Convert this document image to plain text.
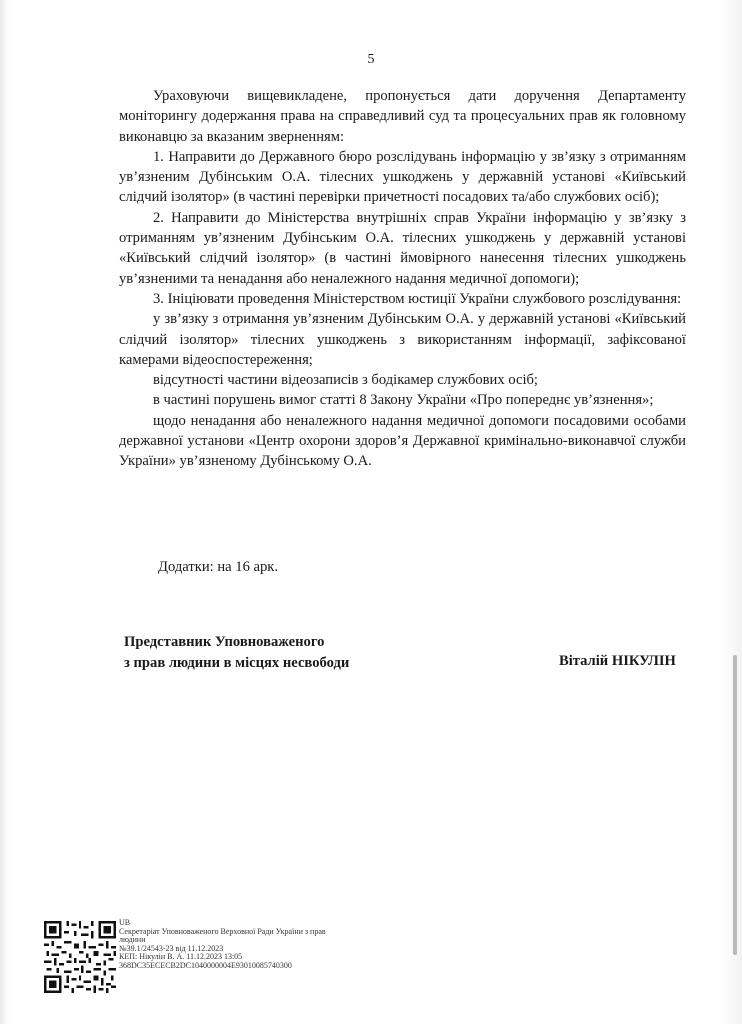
5

Ураховуючи вищевикладене, пропонується дати доручення Департаменту моніторингу додержання права на справедливий суд та процесуальних прав як головному виконавцю за вказаним зверненням:

1. Направити до Державного бюро розслідувань інформацію у зв’язку з отриманням ув’язненим Дубінським О.А. тілесних ушкоджень у державній установі «Київський слідчий ізолятор» (в частині перевірки причетності посадових та/або службових осіб);

2. Направити до Міністерства внутрішніх справ України інформацію у зв’язку з отриманням ув’язненим Дубінським О.А. тілесних ушкоджень у державній установі «Київський слідчий ізолятор» (в частині ймовірного нанесення тілесних ушкоджень ув’язненими та ненадання або неналежного надання медичної допомоги);

3. Ініціювати проведення Міністерством юстиції України службового розслідування:

у зв’язку з отримання ув’язненим Дубінським О.А. у державній установі «Київський слідчий ізолятор» тілесних ушкоджень з використанням інформації, зафіксованої камерами відеоспостереження;

відсутності частини відеозаписів з бодікамер службових осіб;

в частині порушень вимог статті 8 Закону України «Про попереднє ув’язнення»;

щодо ненадання або неналежного надання медичної допомоги посадовими особами державної установи «Центр охорони здоров’я Державної кримінально-виконавчої служби України» ув’язненому Дубінському О.А.

Додатки: на 16 арк.
Представник Уповноваженого
з прав людини в місцях несвободи	Віталій НІКУЛІН
UB
Секретаріат Уповноваженого Верховної Ради України з прав
людини
№39.1/24543-23 від 11.12.2023
КЕП: Нікулін В. А. 11.12.2023 13:05
368DC35ECECB2DC1040000004E93010085740300
